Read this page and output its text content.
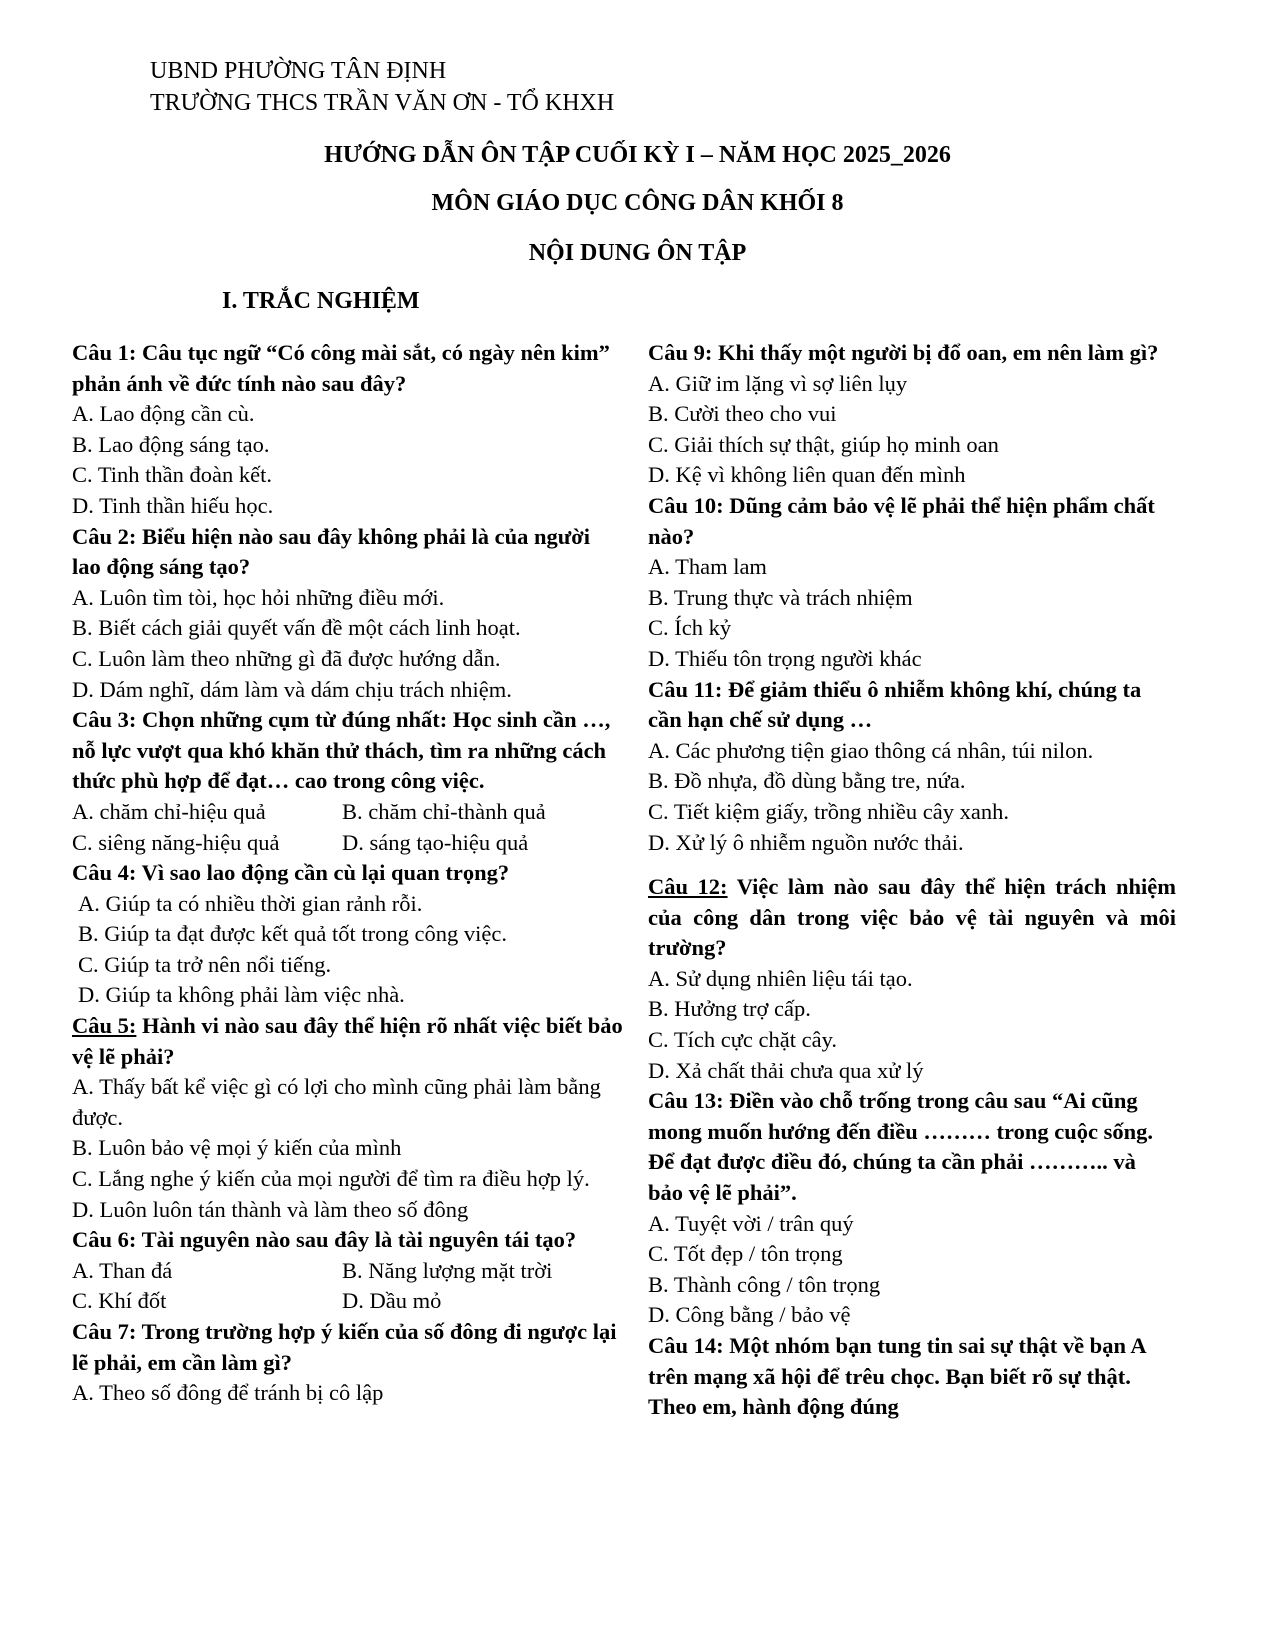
UBND PHƯỜNG TÂN ĐỊNH
TRƯỜNG THCS TRẦN VĂN ƠN - TỔ KHXH
HƯỚNG DẪN ÔN TẬP CUỐI KỲ I – NĂM HỌC 2025_2026
MÔN GIÁO DỤC CÔNG DÂN KHỐI 8
NỘI DUNG ÔN TẬP
I. TRẮC NGHIỆM
Câu 1: Câu tục ngữ “Có công mài sắt, có ngày nên kim” phản ánh về đức tính nào sau đây?
A. Lao động cần cù.
B. Lao động sáng tạo.
C. Tinh thần đoàn kết.
D. Tinh thần hiếu học.
Câu 2: Biểu hiện nào sau đây không phải là của người lao động sáng tạo?
A. Luôn tìm tòi, học hỏi những điều mới.
B. Biết cách giải quyết vấn đề một cách linh hoạt.
C. Luôn làm theo những gì đã được hướng dẫn.
D. Dám nghĩ, dám làm và dám chịu trách nhiệm.
Câu 3: Chọn những cụm từ đúng nhất: Học sinh cần …, nỗ lực vượt qua khó khăn thử thách, tìm ra những cách thức phù hợp để đạt… cao trong công việc.
A. chăm chỉ-hiệu quả	B. chăm chỉ-thành quả
C. siêng năng-hiệu quả	D. sáng tạo-hiệu quả
Câu 4: Vì sao lao động cần cù lại quan trọng?
A. Giúp ta có nhiều thời gian rảnh rỗi.
B. Giúp ta đạt được kết quả tốt trong công việc.
C. Giúp ta trở nên nổi tiếng.
D. Giúp ta không phải làm việc nhà.
Câu 5: Hành vi nào sau đây thể hiện rõ nhất việc biết bảo vệ lẽ phải?
A. Thấy bất kể việc gì có lợi cho mình cũng phải làm bằng được.
B. Luôn bảo vệ mọi ý kiến của mình
C. Lắng nghe ý kiến của mọi người để tìm ra điều hợp lý.
D. Luôn luôn tán thành và làm theo số đông
Câu 6: Tài nguyên nào sau đây là tài nguyên tái tạo?
A. Than đá	B. Năng lượng mặt trời
C. Khí đốt	D. Dầu mỏ
Câu 7: Trong trường hợp ý kiến của số đông đi ngược lại lẽ phải, em cần làm gì?
A. Theo số đông để tránh bị cô lập
Câu 9: Khi thấy một người bị đổ oan, em nên làm gì?
A. Giữ im lặng vì sợ liên lụy
B. Cười theo cho vui
C. Giải thích sự thật, giúp họ minh oan
D. Kệ vì không liên quan đến mình
Câu 10: Dũng cảm bảo vệ lẽ phải thể hiện phẩm chất nào?
A. Tham lam
B. Trung thực và trách nhiệm
C. Ích kỷ
D. Thiếu tôn trọng người khác
Câu 11: Để giảm thiểu ô nhiễm không khí, chúng ta cần hạn chế sử dụng …
A. Các phương tiện giao thông cá nhân, túi nilon.
B. Đồ nhựa, đồ dùng bằng tre, nứa.
C. Tiết kiệm giấy, trồng nhiều cây xanh.
D. Xử lý ô nhiễm nguồn nước thải.
Câu 12: Việc làm nào sau đây thể hiện trách nhiệm của công dân trong việc bảo vệ tài nguyên và môi trường?
A. Sử dụng nhiên liệu tái tạo.
B. Hưởng trợ cấp.
C. Tích cực chặt cây.
D. Xả chất thải chưa qua xử lý
Câu 13: Điền vào chỗ trống trong câu sau “Ai cũng mong muốn hướng đến điều ……… trong cuộc sống. Để đạt được điều đó, chúng ta cần phải ……….. và bảo vệ lẽ phải”.
A. Tuyệt vời / trân quý
C. Tốt đẹp / tôn trọng
B. Thành công / tôn trọng
D. Công bằng / bảo vệ
Câu 14: Một nhóm bạn tung tin sai sự thật về bạn A trên mạng xã hội để trêu chọc. Bạn biết rõ sự thật. Theo em, hành động đúng
